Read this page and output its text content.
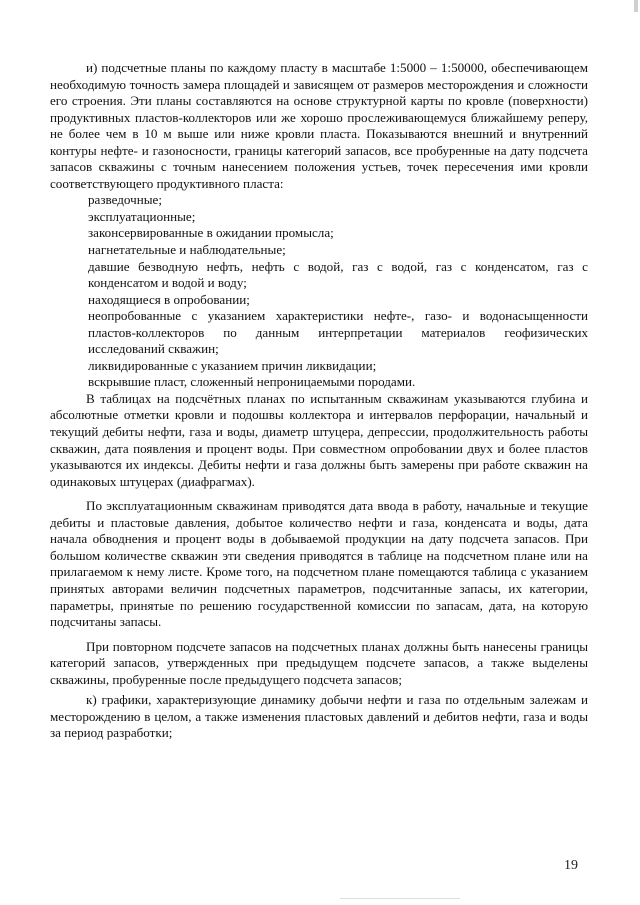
и) подсчетные планы по каждому пласту в масштабе 1:5000 – 1:50000, обеспечивающем необходимую точность замера площадей и зависящем от размеров месторождения и сложности его строения. Эти планы составляются на основе структурной карты по кровле (поверхности) продуктивных пластов-коллекторов или же хорошо прослеживающемуся ближайшему реперу, не более чем в 10 м выше или ниже кровли пласта. Показываются внешний и внутренний контуры нефте- и газоносности, границы категорий запасов, все пробуренные на дату подсчета запасов скважины с точным нанесением положения устьев, точек пересечения ими кровли соответствующего продуктивного пласта:

разведочные;

эксплуатационные;

законсервированные в ожидании промысла;

нагнетательные и наблюдательные;

давшие безводную нефть, нефть с водой, газ с водой, газ с конденсатом, газ с конденсатом и водой и воду;

находящиеся в опробовании;

неопробованные с указанием характеристики нефте-, газо- и водонасыщенности пластов-коллекторов по данным интерпретации материалов геофизических исследований скважин;

ликвидированные с указанием причин ликвидации;

вскрывшие пласт, сложенный непроницаемыми породами.

В таблицах на подсчётных планах по испытанным скважинам указываются глубина и абсолютные отметки кровли и подошвы коллектора и интервалов перфорации, начальный и текущий дебиты нефти, газа и воды, диаметр штуцера, депрессии, продолжительность работы скважин, дата появления и процент воды. При совместном опробовании двух и более пластов указываются их индексы. Дебиты нефти и газа должны быть замерены при работе скважин на одинаковых штуцерах (диафрагмах).

По эксплуатационным скважинам приводятся дата ввода в работу, начальные и текущие дебиты и пластовые давления, добытое количество нефти и газа, конденсата и воды, дата начала обводнения и процент воды в добываемой продукции на дату подсчета запасов. При большом количестве скважин эти сведения приводятся в таблице на подсчетном плане или на прилагаемом к нему листе. Кроме того, на подсчетном плане помещаются таблица с указанием принятых авторами величин подсчетных параметров, подсчитанные запасы, их категории, параметры, принятые по решению государственной комиссии по запасам, дата, на которую подсчитаны запасы.

При повторном подсчете запасов на подсчетных планах должны быть нанесены границы категорий запасов, утвержденных при предыдущем подсчете запасов, а также выделены скважины, пробуренные после предыдущего подсчета запасов;

к) графики, характеризующие динамику добычи нефти и газа по отдельным залежам и месторождению в целом, а также изменения пластовых давлений и дебитов нефти, газа и воды за период разработки;

19
